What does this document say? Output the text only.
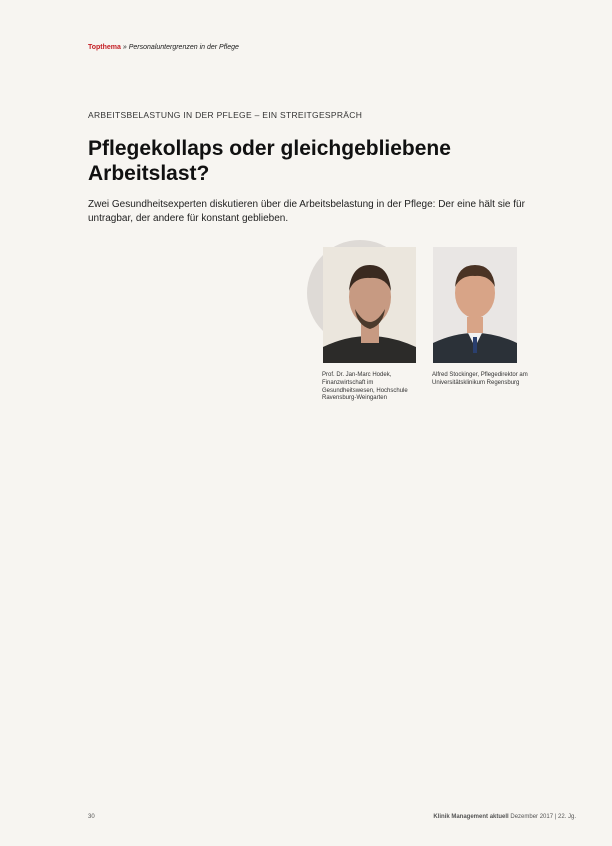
Topthema » Personaluntergrenzen in der Pflege
ARBEITSBELASTUNG IN DER PFLEGE – EIN STREITGESPRÄCH
Pflegekollaps oder gleichgebliebene Arbeitslast?

Zwei Gesundheitsexperten diskutieren über die Arbeitsbelastung in der Pflege: Der eine hält sie für untragbar, der andere für konstant geblieben.

Prof. Dr. Jan-Marc Hodek, Finanzwirtschaft im Gesundheitswesen, Hochschule Ravensburg-Weingarten
Alfred Stockinger, Pflegedirektor am Universitätsklinikum Regensburg
30	Klinik Management aktuell Dezember 2017 | 22. Jg.
